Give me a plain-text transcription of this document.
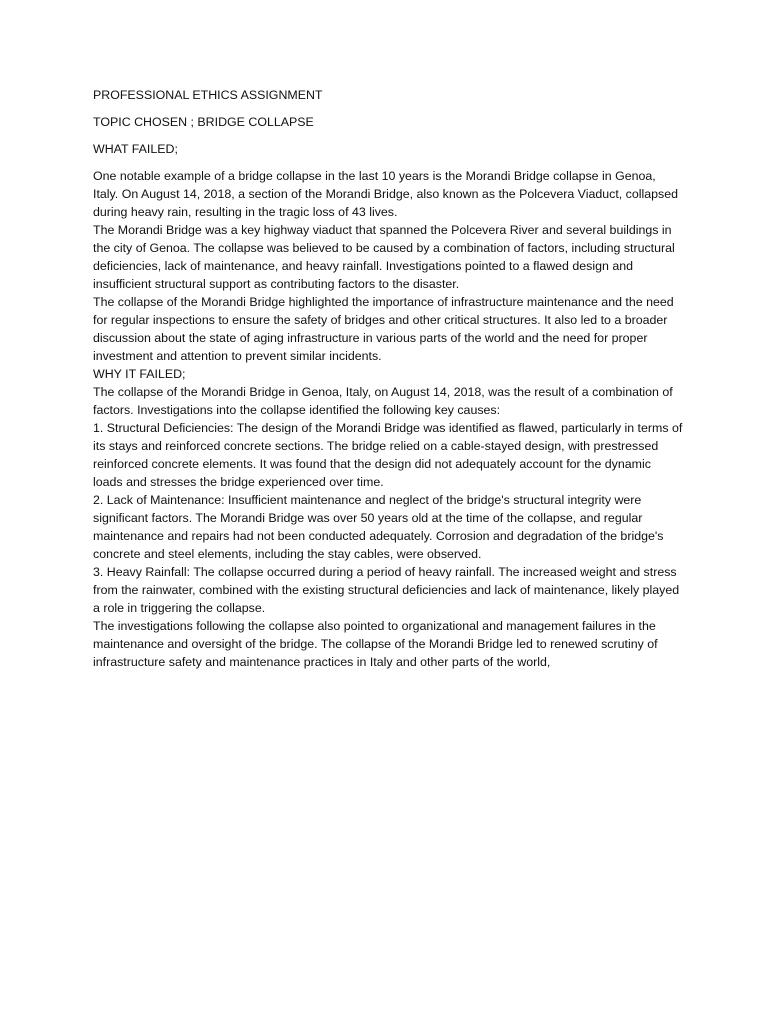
PROFESSIONAL ETHICS ASSIGNMENT

TOPIC CHOSEN ; BRIDGE COLLAPSE

WHAT FAILED;

One notable example of a bridge collapse in the last 10 years is the Morandi Bridge collapse in Genoa, Italy. On August 14, 2018, a section of the Morandi Bridge, also known as the Polcevera Viaduct, collapsed during heavy rain, resulting in the tragic loss of 43 lives.

The Morandi Bridge was a key highway viaduct that spanned the Polcevera River and several buildings in the city of Genoa. The collapse was believed to be caused by a combination of factors, including structural deficiencies, lack of maintenance, and heavy rainfall. Investigations pointed to a flawed design and insufficient structural support as contributing factors to the disaster.

The collapse of the Morandi Bridge highlighted the importance of infrastructure maintenance and the need for regular inspections to ensure the safety of bridges and other critical structures. It also led to a broader discussion about the state of aging infrastructure in various parts of the world and the need for proper investment and attention to prevent similar incidents.

WHY IT FAILED;

The collapse of the Morandi Bridge in Genoa, Italy, on August 14, 2018, was the result of a combination of factors. Investigations into the collapse identified the following key causes:

1. Structural Deficiencies: The design of the Morandi Bridge was identified as flawed, particularly in terms of its stays and reinforced concrete sections. The bridge relied on a cable-stayed design, with prestressed reinforced concrete elements. It was found that the design did not adequately account for the dynamic loads and stresses the bridge experienced over time.

2. Lack of Maintenance: Insufficient maintenance and neglect of the bridge's structural integrity were significant factors. The Morandi Bridge was over 50 years old at the time of the collapse, and regular maintenance and repairs had not been conducted adequately. Corrosion and degradation of the bridge's concrete and steel elements, including the stay cables, were observed.

3. Heavy Rainfall: The collapse occurred during a period of heavy rainfall. The increased weight and stress from the rainwater, combined with the existing structural deficiencies and lack of maintenance, likely played a role in triggering the collapse.

The investigations following the collapse also pointed to organizational and management failures in the maintenance and oversight of the bridge. The collapse of the Morandi Bridge led to renewed scrutiny of infrastructure safety and maintenance practices in Italy and other parts of the world,
